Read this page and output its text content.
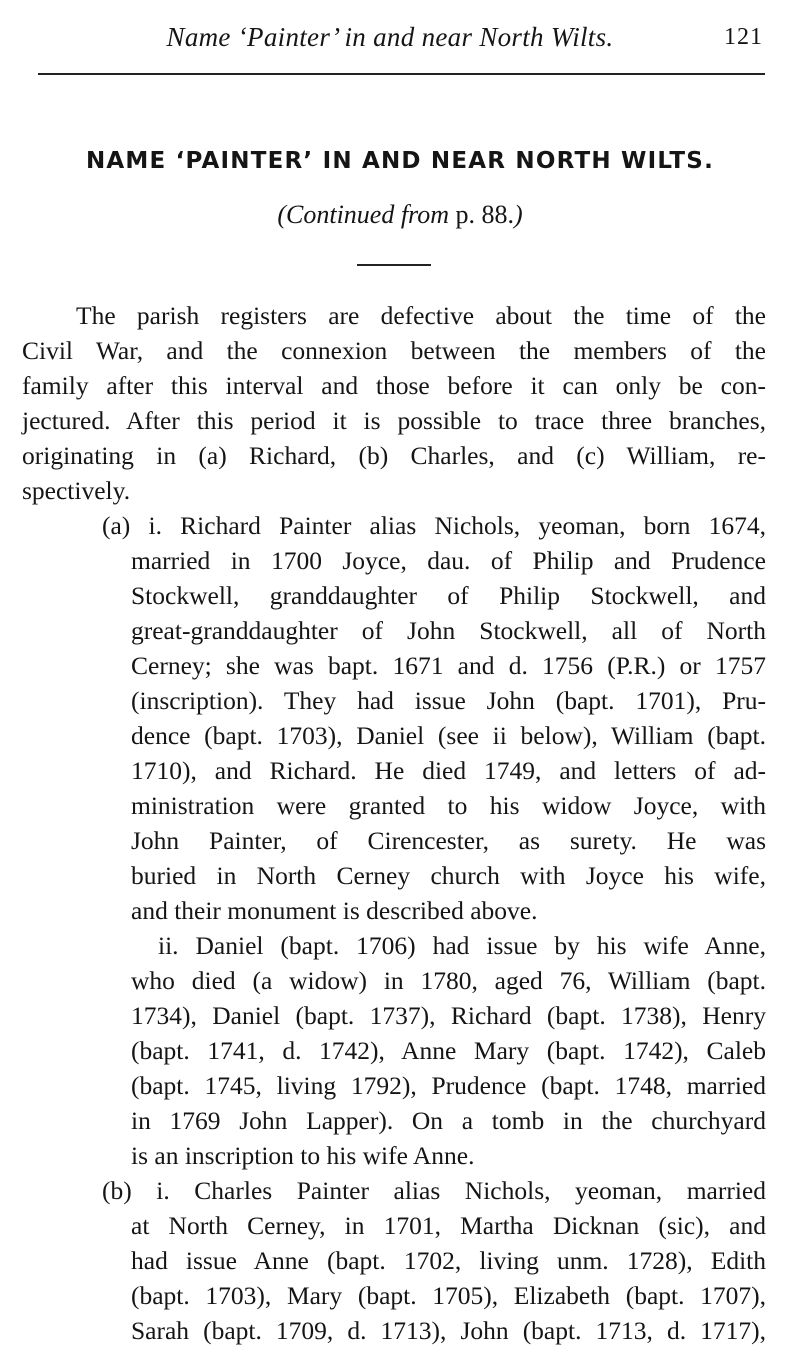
Name ‘Painter’ in and near North Wilts.	121
NAME ‘PAINTER’ IN AND NEAR NORTH WILTS.
(Continued from p. 88.)
The parish registers are defective about the time of the
Civil War, and the connexion between the members of the
family after this interval and those before it can only be con-
jectured. After this period it is possible to trace three branches,
originating in (a) Richard, (b) Charles, and (c) William, re-
spectively.
(a) i. Richard Painter alias Nichols, yeoman, born 1674,
married in 1700 Joyce, dau. of Philip and Prudence
Stockwell, granddaughter of Philip Stockwell, and
great-granddaughter of John Stockwell, all of North
Cerney; she was bapt. 1671 and d. 1756 (P.R.) or 1757
(inscription). They had issue John (bapt. 1701), Pru-
dence (bapt. 1703), Daniel (see ii below), William (bapt.
1710), and Richard. He died 1749, and letters of ad-
ministration were granted to his widow Joyce, with
John Painter, of Cirencester, as surety. He was
buried in North Cerney church with Joyce his wife,
and their monument is described above.
ii. Daniel (bapt. 1706) had issue by his wife Anne,
who died (a widow) in 1780, aged 76, William (bapt.
1734), Daniel (bapt. 1737), Richard (bapt. 1738), Henry
(bapt. 1741, d. 1742), Anne Mary (bapt. 1742), Caleb
(bapt. 1745, living 1792), Prudence (bapt. 1748, married
in 1769 John Lapper). On a tomb in the churchyard
is an inscription to his wife Anne.
(b) i. Charles Painter alias Nichols, yeoman, married
at North Cerney, in 1701, Martha Dicknan (sic), and
had issue Anne (bapt. 1702, living unm. 1728), Edith
(bapt. 1703), Mary (bapt. 1705), Elizabeth (bapt. 1707),
Sarah (bapt. 1709, d. 1713), John (bapt. 1713, d. 1717),
